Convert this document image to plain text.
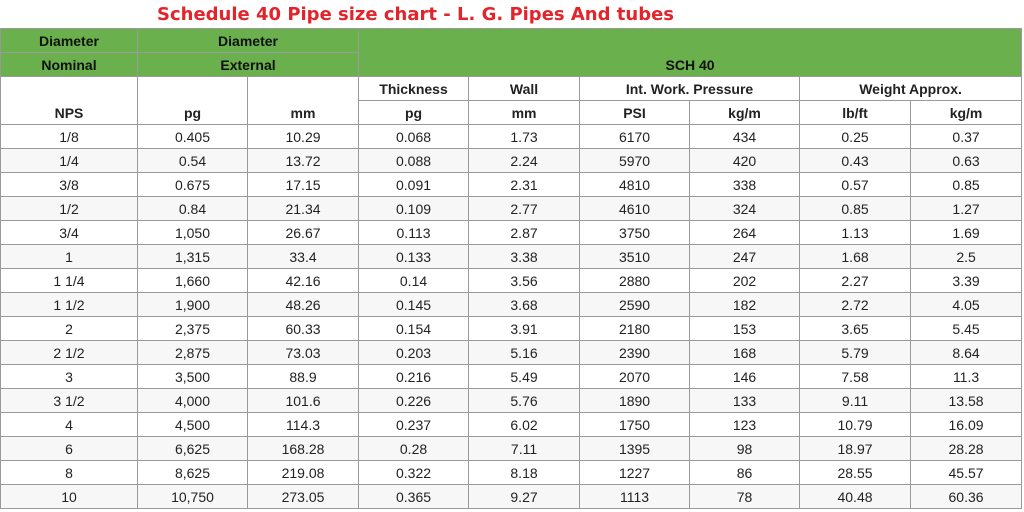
Schedule 40 Pipe size chart - L. G. Pipes And tubes
Diameter	Diameter		SCH 40					
Nominal	External							
NPS	pg	mm	Thickness	Wall	Int. Work. Pressure		Weight Approx.	
			pg	mm	PSI	kg/m	lb/ft	kg/m
1/8	0.405	10.29	0.068	1.73	6170	434	0.25	0.37
1/4	0.54	13.72	0.088	2.24	5970	420	0.43	0.63
3/8	0.675	17.15	0.091	2.31	4810	338	0.57	0.85
1/2	0.84	21.34	0.109	2.77	4610	324	0.85	1.27
3/4	1,050	26.67	0.113	2.87	3750	264	1.13	1.69
1	1,315	33.4	0.133	3.38	3510	247	1.68	2.5
1 1/4	1,660	42.16	0.14	3.56	2880	202	2.27	3.39
1 1/2	1,900	48.26	0.145	3.68	2590	182	2.72	4.05
2	2,375	60.33	0.154	3.91	2180	153	3.65	5.45
2 1/2	2,875	73.03	0.203	5.16	2390	168	5.79	8.64
3	3,500	88.9	0.216	5.49	2070	146	7.58	11.3
3 1/2	4,000	101.6	0.226	5.76	1890	133	9.11	13.58
4	4,500	114.3	0.237	6.02	1750	123	10.79	16.09
6	6,625	168.28	0.28	7.11	1395	98	18.97	28.28
8	8,625	219.08	0.322	8.18	1227	86	28.55	45.57
10	10,750	273.05	0.365	9.27	1113	78	40.48	60.36
